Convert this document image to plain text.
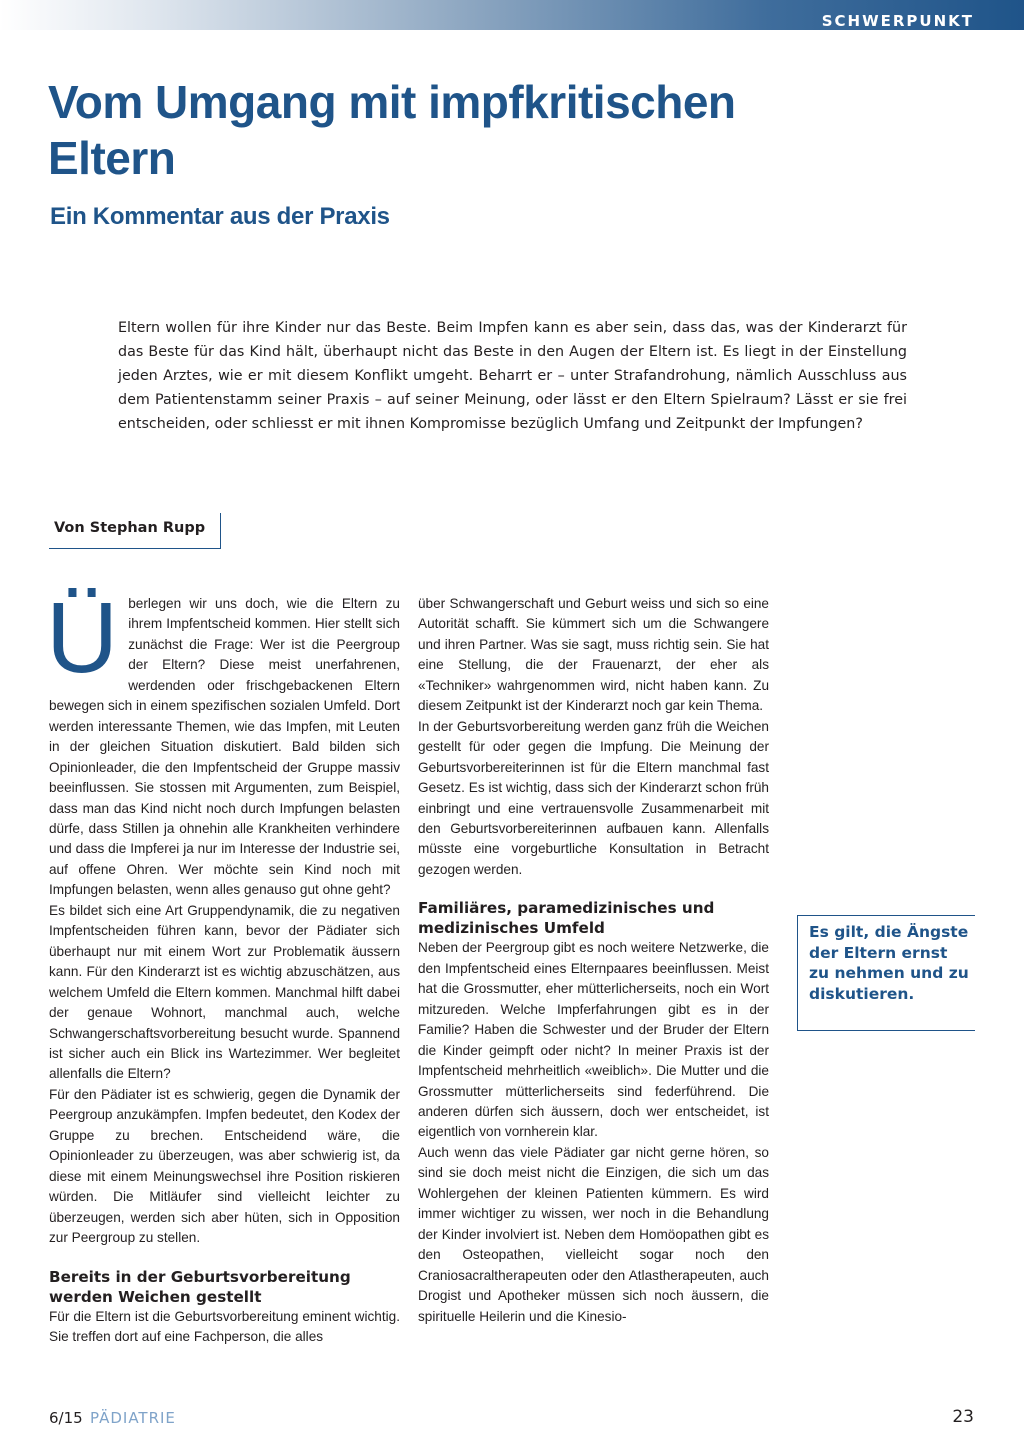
SCHWERPUNKT
Vom Umgang mit impfkritischen Eltern
Ein Kommentar aus der Praxis

Eltern wollen für ihre Kinder nur das Beste. Beim Impfen kann es aber sein, dass das, was der Kinderarzt für das Beste für das Kind hält, überhaupt nicht das Beste in den Augen der Eltern ist. Es liegt in der Einstellung jeden Arztes, wie er mit diesem Konflikt umgeht. Beharrt er – unter Strafandrohung, nämlich Ausschluss aus dem Patientenstamm seiner Praxis – auf seiner Meinung, oder lässt er den Eltern Spielraum? Lässt er sie frei entscheiden, oder schliesst er mit ihnen Kompromisse bezüglich Umfang und Zeitpunkt der Impfungen?

Von Stephan Rupp
Ü berlegen wir uns doch, wie die Eltern zu ihrem Impfentscheid kommen. Hier stellt sich zunächst die Frage: Wer ist die Peergroup der Eltern? Diese meist unerfahrenen, werdenden oder frischgebackenen Eltern bewegen sich in einem spezifischen sozialen Umfeld. Dort werden interessante Themen, wie das Impfen, mit Leuten in der gleichen Situation diskutiert. Bald bilden sich Opinionleader, die den Impfentscheid der Gruppe massiv beeinflussen. Sie stossen mit Argumenten, zum Beispiel, dass man das Kind nicht noch durch Impfungen belasten dürfe, dass Stillen ja ohnehin alle Krankheiten verhindere und dass die Impferei ja nur im Interesse der Industrie sei, auf offene Ohren. Wer möchte sein Kind noch mit Impfungen belasten, wenn alles genauso gut ohne geht?

Es bildet sich eine Art Gruppendynamik, die zu negativen Impfentscheiden führen kann, bevor der Pädiater sich überhaupt nur mit einem Wort zur Problematik äussern kann. Für den Kinderarzt ist es wichtig abzuschätzen, aus welchem Umfeld die Eltern kommen. Manchmal hilft dabei der genaue Wohnort, manchmal auch, welche Schwangerschaftsvorbereitung besucht wurde. Spannend ist sicher auch ein Blick ins Wartezimmer. Wer begleitet allenfalls die Eltern?

Für den Pädiater ist es schwierig, gegen die Dynamik der Peergroup anzukämpfen. Impfen bedeutet, den Kodex der Gruppe zu brechen. Entscheidend wäre, die Opinionleader zu überzeugen, was aber schwierig ist, da diese mit einem Meinungswechsel ihre Position riskieren würden. Die Mitläufer sind vielleicht leichter zu überzeugen, werden sich aber hüten, sich in Opposition zur Peergroup zu stellen.

Bereits in der Geburtsvorbereitung werden Weichen gestellt

Für die Eltern ist die Geburtsvorbereitung eminent wichtig. Sie treffen dort auf eine Fachperson, die alles

über Schwangerschaft und Geburt weiss und sich so eine Autorität schafft. Sie kümmert sich um die Schwangere und ihren Partner. Was sie sagt, muss richtig sein. Sie hat eine Stellung, die der Frauenarzt, der eher als «Techniker» wahrgenommen wird, nicht haben kann. Zu diesem Zeitpunkt ist der Kinderarzt noch gar kein Thema.

In der Geburtsvorbereitung werden ganz früh die Weichen gestellt für oder gegen die Impfung. Die Meinung der Geburtsvorbereiterinnen ist für die Eltern manchmal fast Gesetz. Es ist wichtig, dass sich der Kinderarzt schon früh einbringt und eine vertrauensvolle Zusammenarbeit mit den Geburtsvorbereiterinnen aufbauen kann. Allenfalls müsste eine vorgeburtliche Konsultation in Betracht gezogen werden.

Familiäres, paramedizinisches und medizinisches Umfeld

Neben der Peergroup gibt es noch weitere Netzwerke, die den Impfentscheid eines Elternpaares beeinflussen. Meist hat die Grossmutter, eher mütterlicherseits, noch ein Wort mitzureden. Welche Impferfahrungen gibt es in der Familie? Haben die Schwester und der Bruder der Eltern die Kinder geimpft oder nicht? In meiner Praxis ist der Impfentscheid mehrheitlich «weiblich». Die Mutter und die Grossmutter mütterlicherseits sind federführend. Die anderen dürfen sich äussern, doch wer entscheidet, ist eigentlich von vornherein klar.

Auch wenn das viele Pädiater gar nicht gerne hören, so sind sie doch meist nicht die Einzigen, die sich um das Wohlergehen der kleinen Patienten kümmern. Es wird immer wichtiger zu wissen, wer noch in die Behandlung der Kinder involviert ist. Neben dem Homöopathen gibt es den Osteopathen, vielleicht sogar noch den Craniosacraltherapeuten oder den Atlastherapeuten, auch Drogist und Apotheker müssen sich noch äussern, die spirituelle Heilerin und die Kinesio-

Es gilt, die Ängste der Eltern ernst zu nehmen und zu diskutieren.

6/15 PÄDIATRIE	23
